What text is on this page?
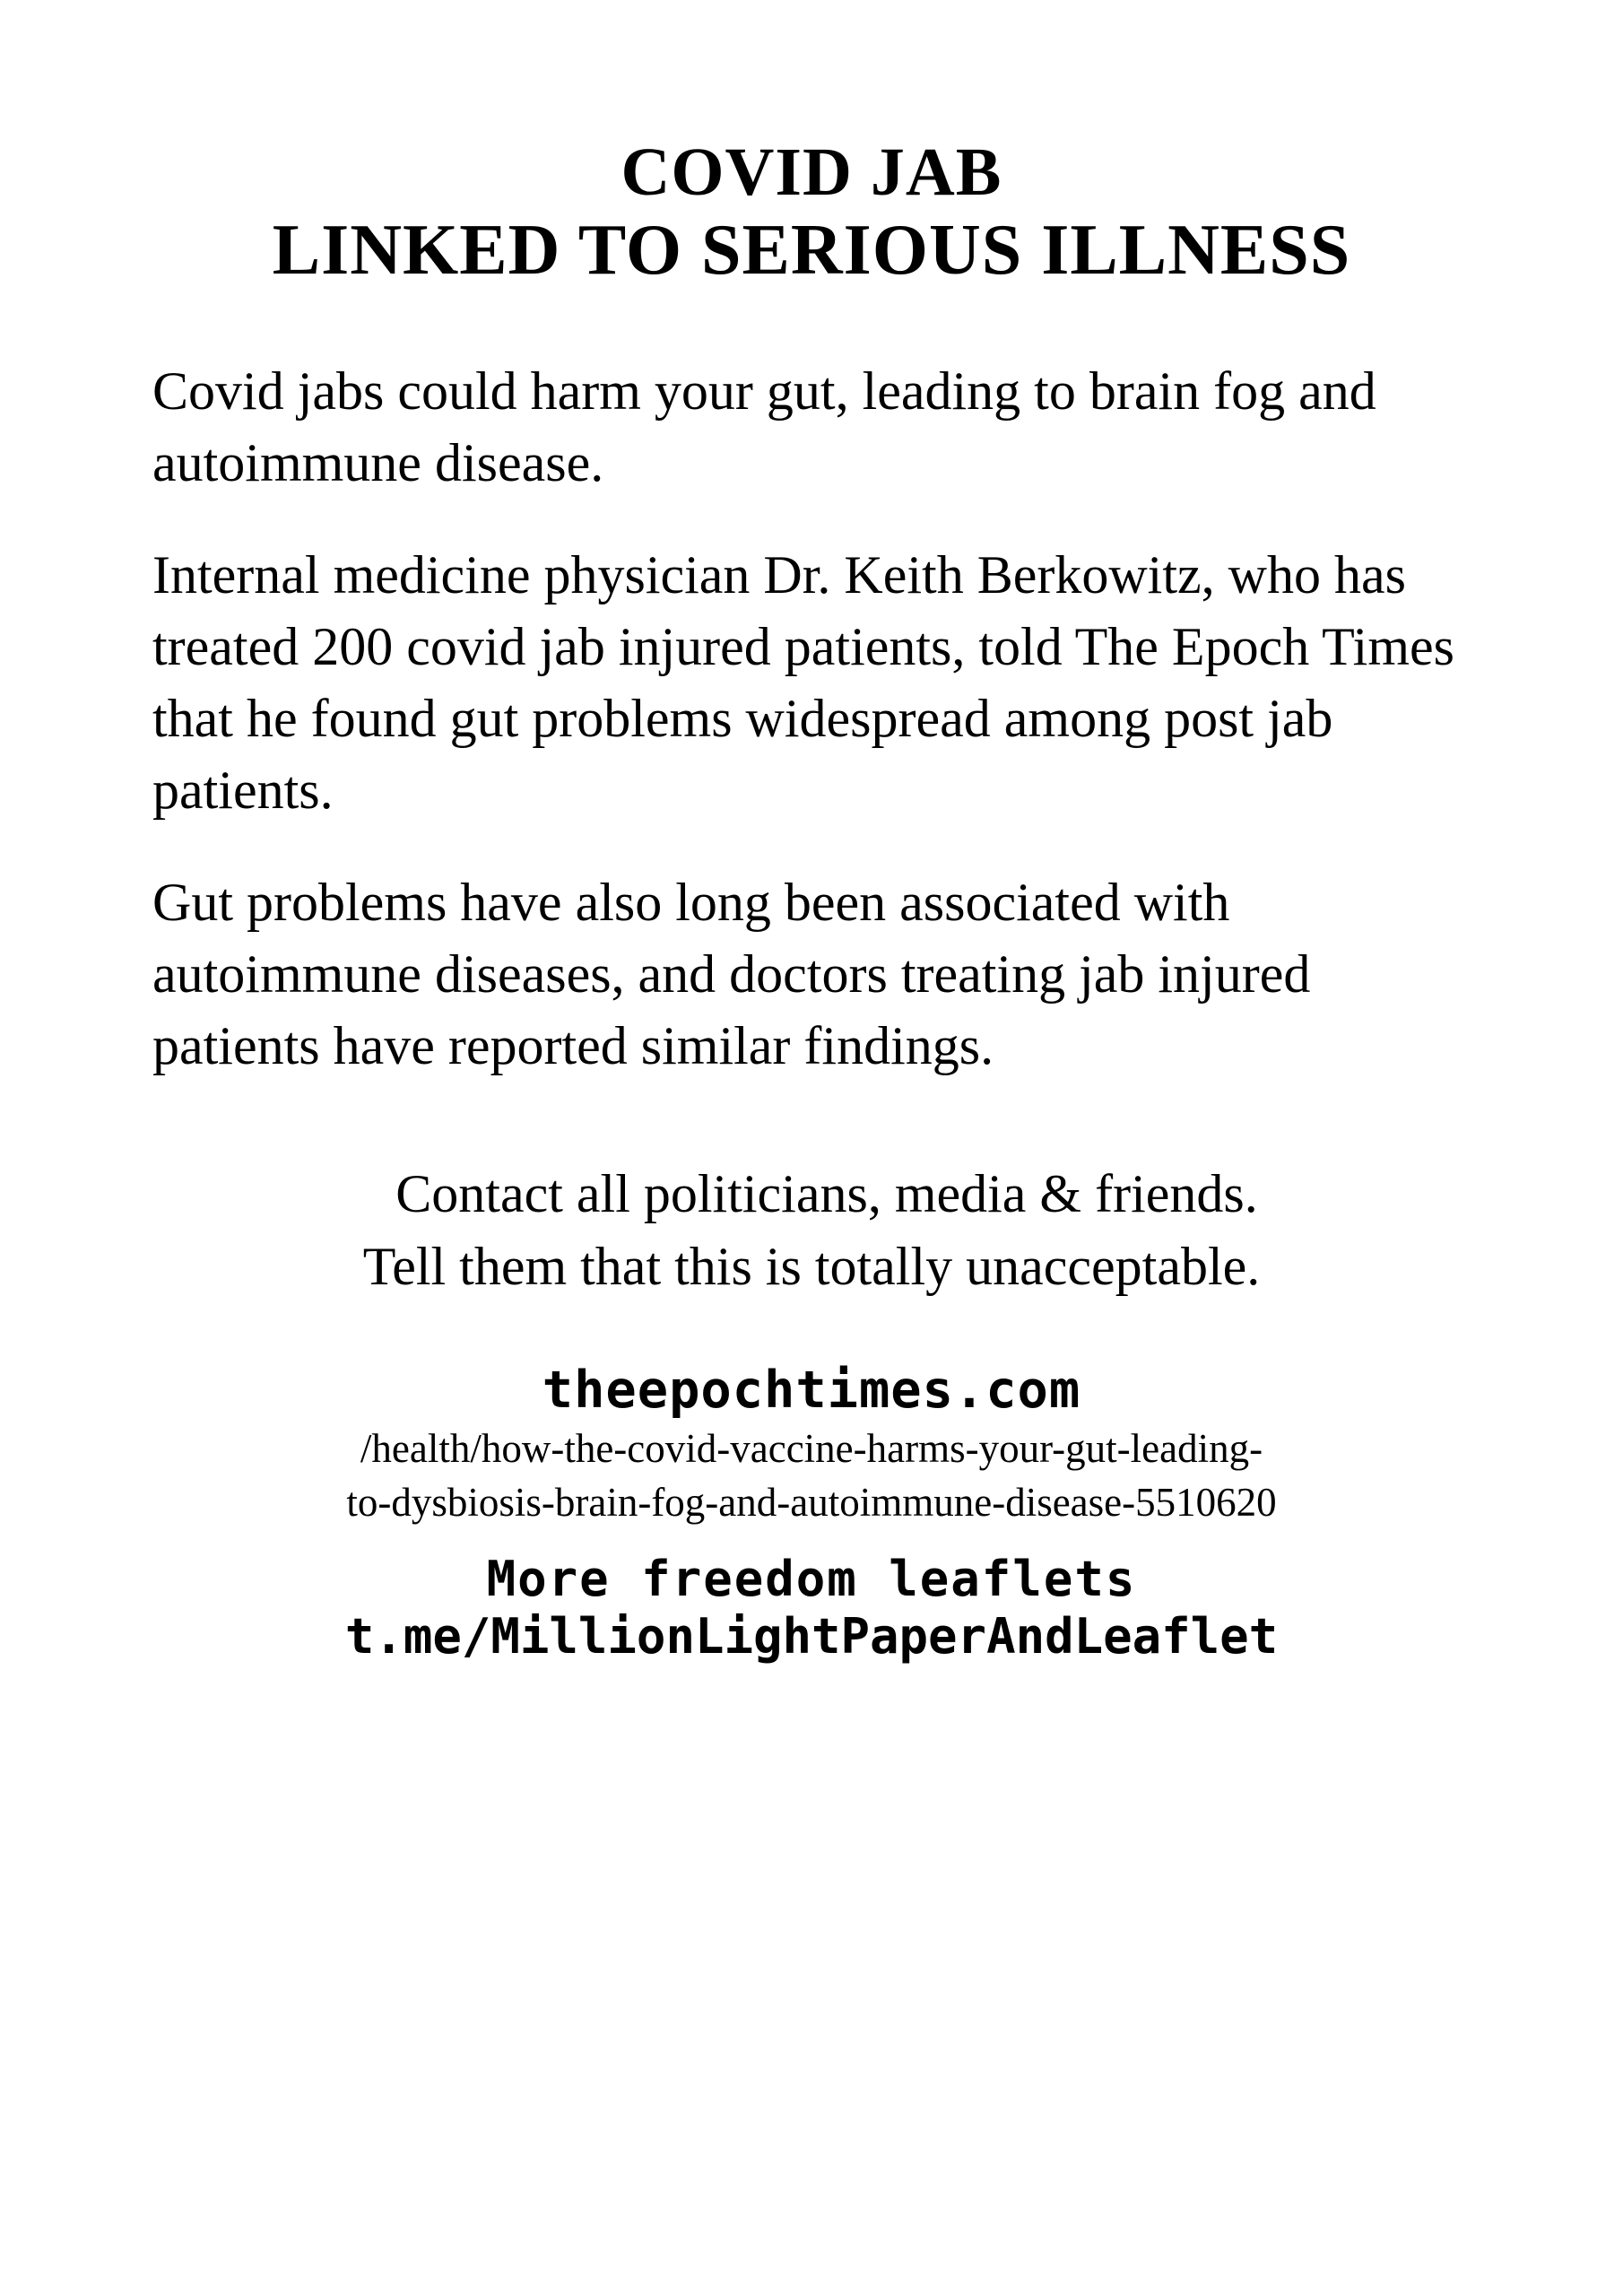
COVID JAB
LINKED TO SERIOUS ILLNESS

Covid jabs could harm your gut, leading to brain fog and autoimmune disease.

Internal medicine physician Dr. Keith Berkowitz, who has treated 200 covid jab injured patients, told The Epoch Times that he found gut problems widespread among post jab patients.

Gut problems have also long been associated with autoimmune diseases, and doctors treating jab injured patients have reported similar findings.

Contact all politicians, media & friends.
Tell them that this is totally unacceptable.
theepochtimes.com
/health/how-the-covid-vaccine-harms-your-gut-leading-
to-dysbiosis-brain-fog-and-autoimmune-disease-5510620
More freedom leaflets
t.me/MillionLightPaperAndLeaflet
